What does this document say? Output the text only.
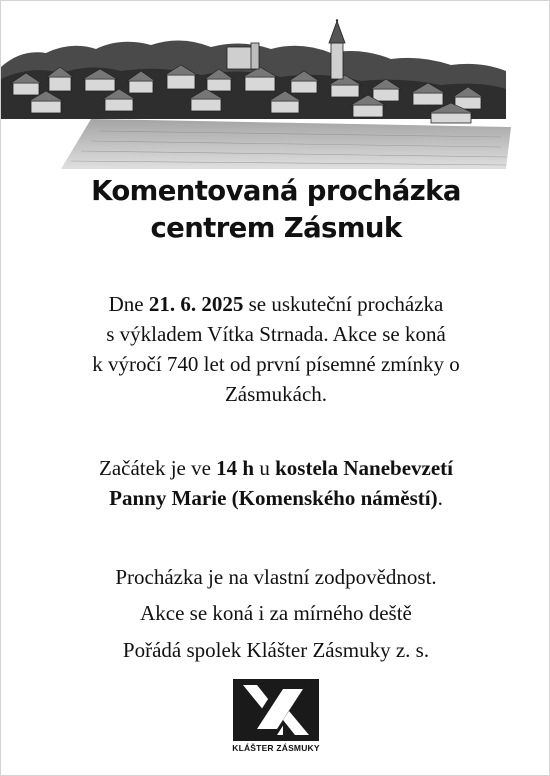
Komentovaná procházka
centrem Zásmuk
Dne 21. 6. 2025 se uskuteční procházka
s výkladem Vítka Strnada. Akce se koná
k výročí 740 let od první písemné zmínky o
Zásmukách.
Začátek je ve 14 h u kostela Nanebevzetí
Panny Marie (Komenského náměstí).
Procházka je na vlastní zodpovědnost.
Akce se koná i za mírného deště
Pořádá spolek Klášter Zásmuky z. s.
KLÁŠTER ZÁSMUKY
